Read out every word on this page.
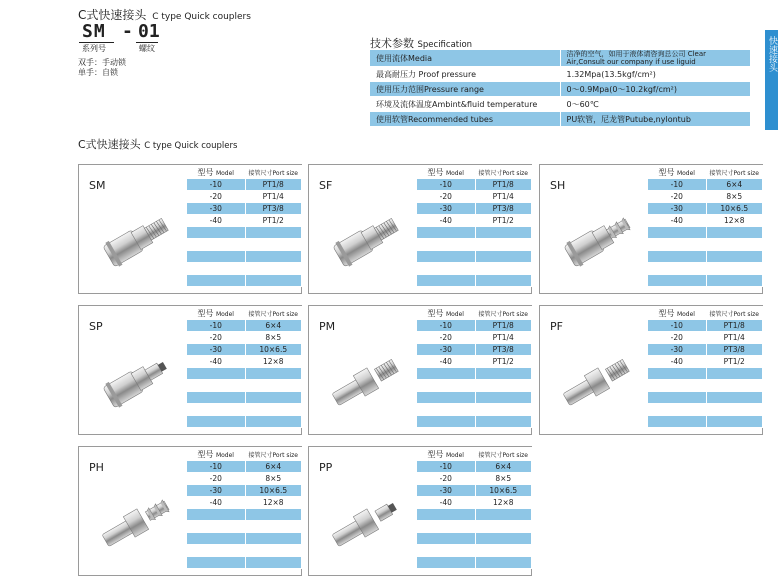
C式快速接头 C type Quick couplers
SM - 01
系列号	螺纹
双手：手动锁
单手：自锁
技术参数 Specification
使用流体Media	洁净的空气，如用于液体请咨询总公司 Clear Air,Consult our company if use liguid
最高耐压力 Proof pressure	1.32Mpa(13.5kgf/cm²)
使用压力范围Pressure range	0～0.9Mpa(0～10.2kgf/cm²)
环境及流体温度Ambint&fluid temperature	0～60℃
使用软管Recommended tubes	PU软管，尼龙管Putube,nylontub
快速接头
C式快速接头 C type Quick couplers
SM
型号 Model	接管尺寸Port size
-10	PT1/8
-20	PT1/4
-30	PT3/8
-40	PT1/2

SF
型号 Model	接管尺寸Port size
-10	PT1/8
-20	PT1/4
-30	PT3/8
-40	PT1/2

SH
型号 Model	接管尺寸Port size
-10	6×4
-20	8×5
-30	10×6.5
-40	12×8

SP
型号 Model	接管尺寸Port size
-10	6×4
-20	8×5
-30	10×6.5
-40	12×8

PM
型号 Model	接管尺寸Port size
-10	PT1/8
-20	PT1/4
-30	PT3/8
-40	PT1/2

PF
型号 Model	接管尺寸Port size
-10	PT1/8
-20	PT1/4
-30	PT3/8
-40	PT1/2

PH
型号 Model	接管尺寸Port size
-10	6×4
-20	8×5
-30	10×6.5
-40	12×8

PP
型号 Model	接管尺寸Port size
-10	6×4
-20	8×5
-30	10×6.5
-40	12×8
